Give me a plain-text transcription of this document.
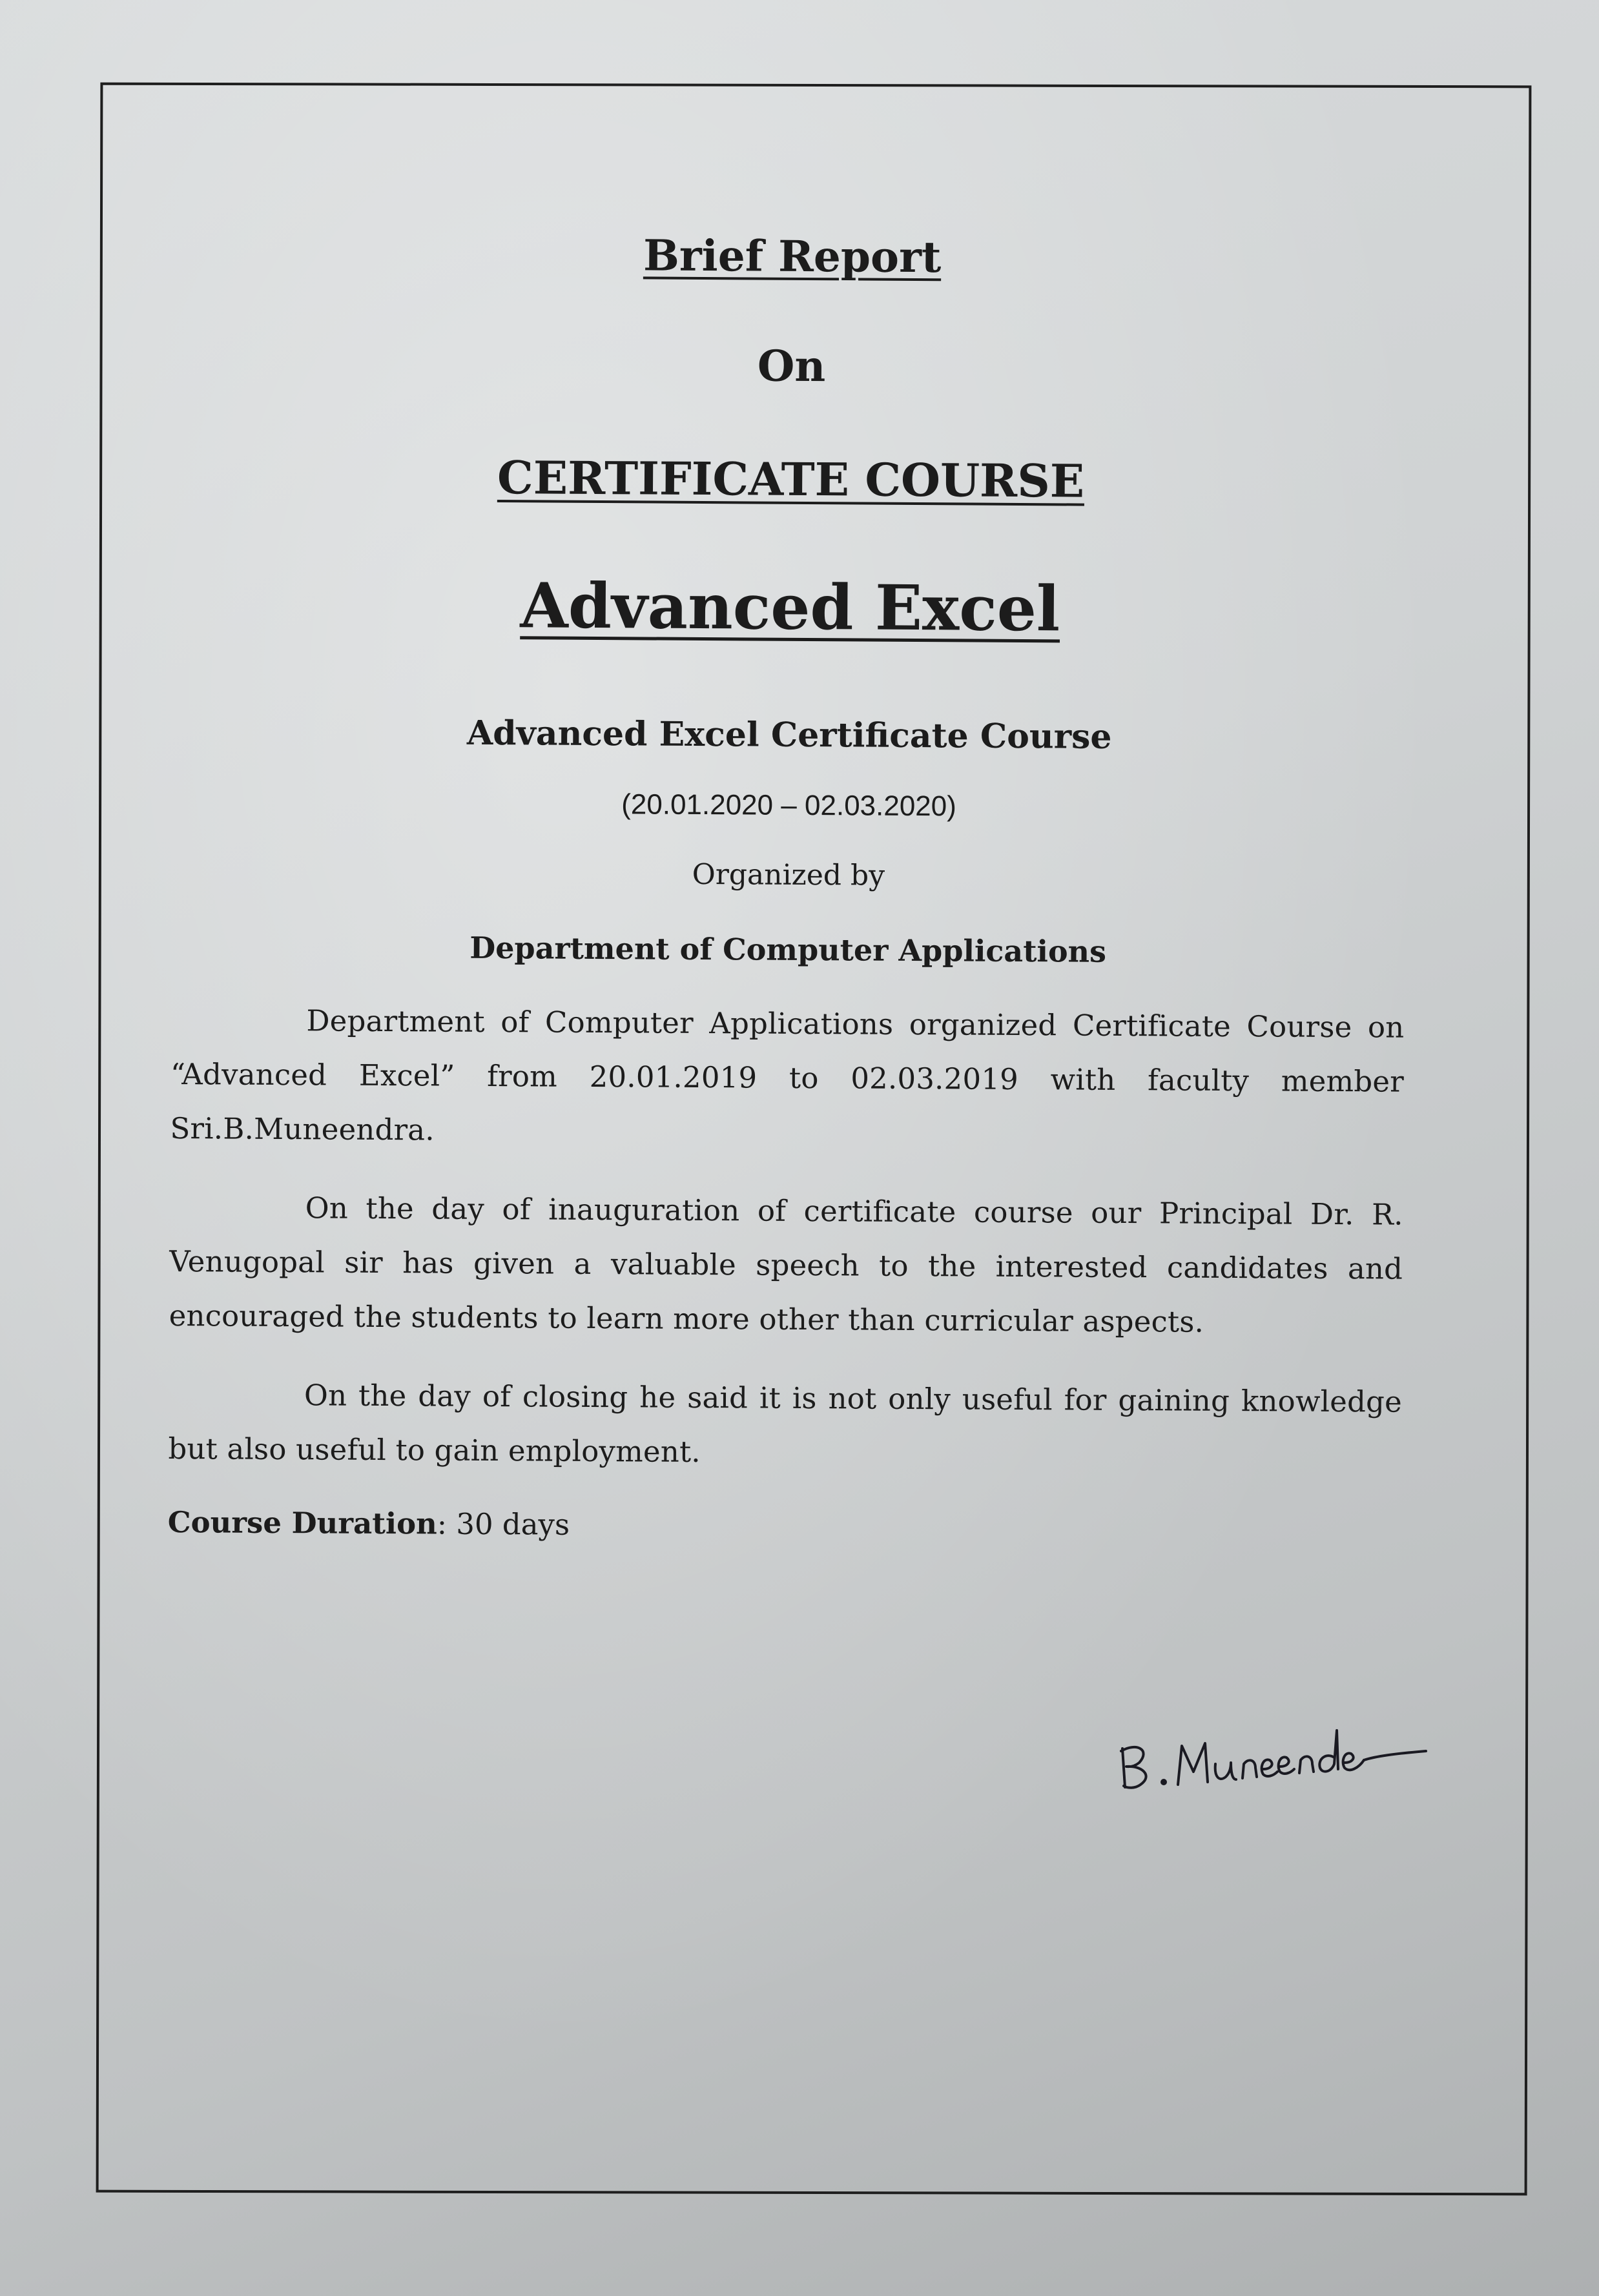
Brief Report
On
CERTIFICATE COURSE
Advanced Excel
Advanced Excel Certificate Course
(20.01.2020 – 02.03.2020)
Organized by
Department of Computer Applications

Department of Computer Applications organized Certificate Course on “Advanced Excel” from 20.01.2019 to 02.03.2019 with faculty member Sri.B.Muneendra.

On the day of inauguration of certificate course our Principal Dr. R. Venugopal sir has given a valuable speech to the interested candidates and encouraged the students to learn more other than curricular aspects.

On the day of closing he said it is not only useful for gaining knowledge but also useful to gain employment.

Course Duration: 30 days
